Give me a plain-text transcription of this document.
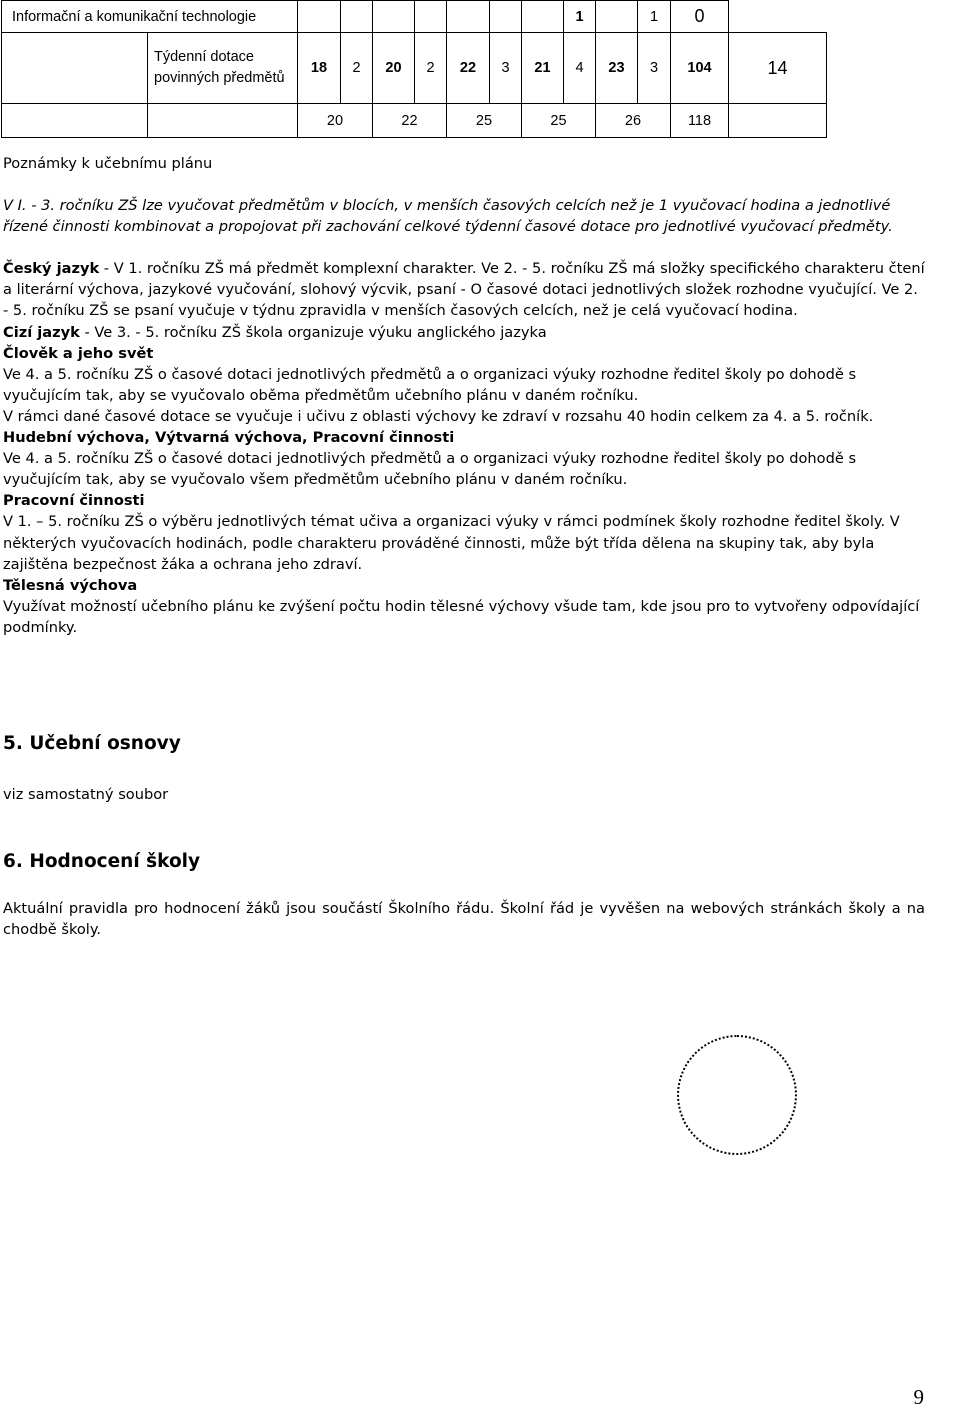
Informační a komunikační technologie									1		1	0	
	Týdenní dotace povinných předmětů	18	2	20	2	22	3	21	4	23	3	104	14
		20		22		25		25		26		118	

Poznámky k učebnímu plánu

V I. - 3. ročníku ZŠ lze vyučovat předmětům v blocích, v menších časových celcích než je 1 vyučovací hodina a jednotlivé řízené činnosti kombinovat a propojovat při zachování celkové týdenní časové dotace pro jednotlivé vyučovací předměty.

Český jazyk - V 1. ročníku ZŠ má předmět komplexní charakter. Ve 2. - 5. ročníku ZŠ má složky specifického charakteru čtení a literární výchova, jazykové vyučování, slohový výcvik, psaní - O časové dotaci jednotlivých složek rozhodne vyučující. Ve 2. - 5. ročníku ZŠ se psaní vyučuje v týdnu zpravidla v menších časových celcích, než je celá vyučovací hodina.

Cizí jazyk - Ve 3. - 5. ročníku ZŠ škola organizuje výuku anglického jazyka

Člověk a jeho svět

Ve 4. a 5. ročníku ZŠ o časové dotaci jednotlivých předmětů a o organizaci výuky rozhodne ředitel školy po dohodě s vyučujícím tak, aby se vyučovalo oběma předmětům učebního plánu v daném ročníku.

V rámci dané časové dotace se vyučuje i učivu z oblasti výchovy ke zdraví v rozsahu 40 hodin celkem za 4. a 5. ročník.

Hudební výchova, Výtvarná výchova, Pracovní činnosti

Ve 4. a 5. ročníku ZŠ o časové dotaci jednotlivých předmětů a o organizaci výuky rozhodne ředitel školy po dohodě s vyučujícím tak, aby se vyučovalo všem předmětům učebního plánu v daném ročníku.

Pracovní činnosti

V 1. – 5. ročníku ZŠ o výběru jednotlivých témat učiva a organizaci výuky v rámci podmínek školy rozhodne ředitel školy. V některých vyučovacích hodinách, podle charakteru prováděné činnosti, může být třída dělena na skupiny tak, aby byla zajištěna bezpečnost žáka a ochrana jeho zdraví.

Tělesná výchova

Využívat možností učebního plánu ke zvýšení počtu hodin tělesné výchovy všude tam, kde jsou pro to vytvořeny odpovídající podmínky.

5. Učební osnovy

viz samostatný soubor

6. Hodnocení školy

Aktuální pravidla pro hodnocení žáků jsou součástí Školního řádu. Školní řád je vyvěšen na webových stránkách školy a na chodbě školy.

9
